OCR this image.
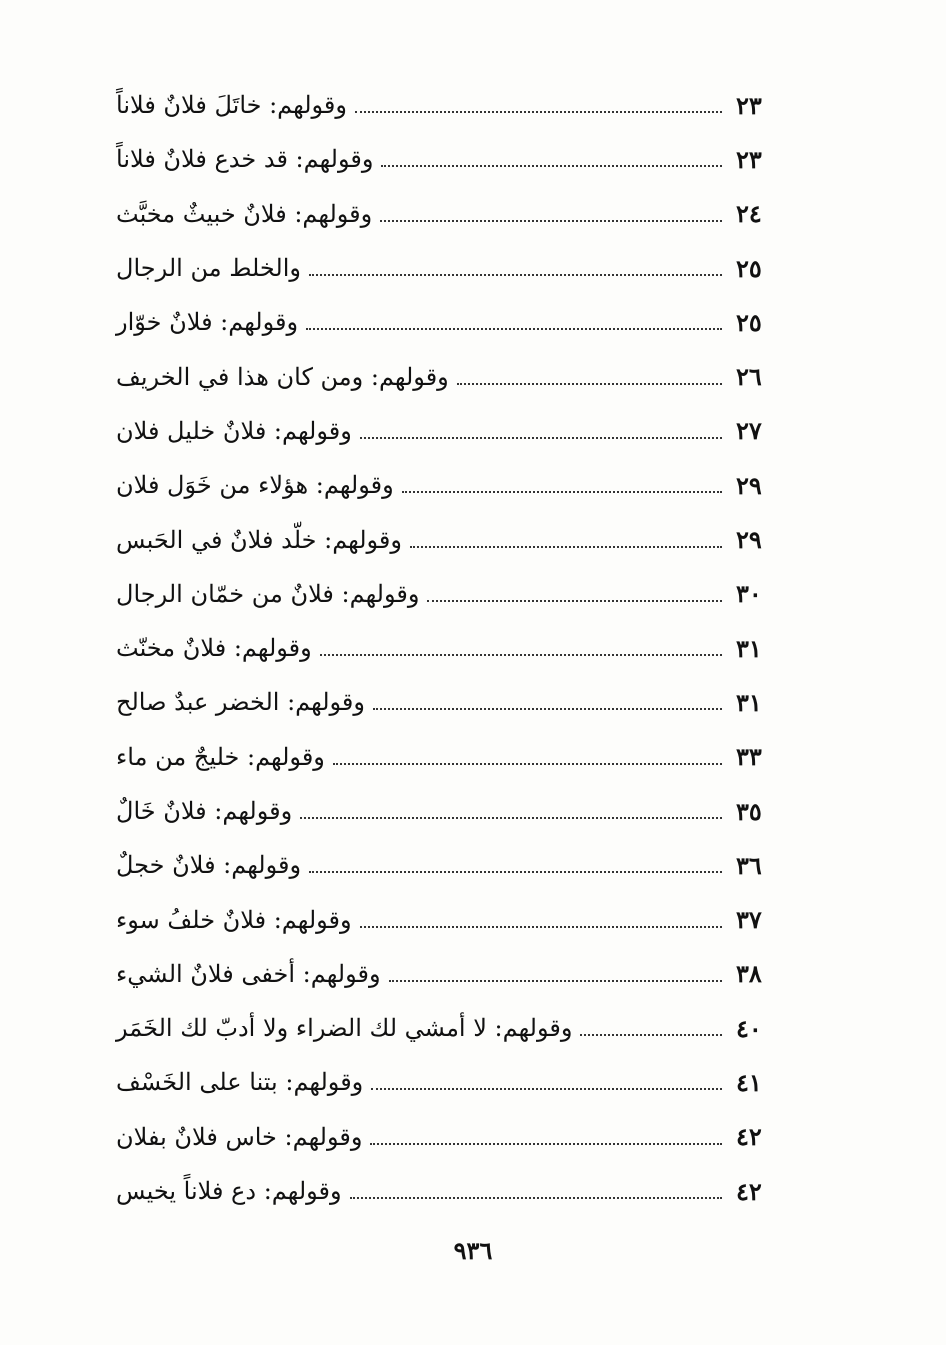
وقولهم: خاتَلَ فلانٌ فلاناً	٢٣
وقولهم: قد خدع فلانٌ فلاناً	٢٣
وقولهم: فلانٌ خبيثٌ مخبَّث	٢٤
والخلط من الرجال	٢٥
وقولهم: فلانٌ خوّار	٢٥
وقولهم: ومن كان هذا في الخريف	٢٦
وقولهم: فلانٌ خليل فلان	٢٧
وقولهم: هؤلاء من خَوَل فلان	٢٩
وقولهم: خلّد فلانٌ في الحَبس	٢٩
وقولهم: فلانٌ من خمّان الرجال	٣٠
وقولهم: فلانٌ مخنّث	٣١
وقولهم: الخضر عبدٌ صالح	٣١
وقولهم: خليجٌ من ماء	٣٣
وقولهم: فلانٌ خَالٌ	٣٥
وقولهم: فلانٌ خجلٌ	٣٦
وقولهم: فلانٌ خلفُ سوء	٣٧
وقولهم: أخفى فلانٌ الشيء	٣٨
وقولهم: لا أمشي لك الضراء ولا أدبّ لك الخَمَر	٤٠
وقولهم: بتنا على الخَسْف	٤١
وقولهم: خاس فلانٌ بفلان	٤٢
وقولهم: دع فلاناً يخيس	٤٢
٩٣٦
